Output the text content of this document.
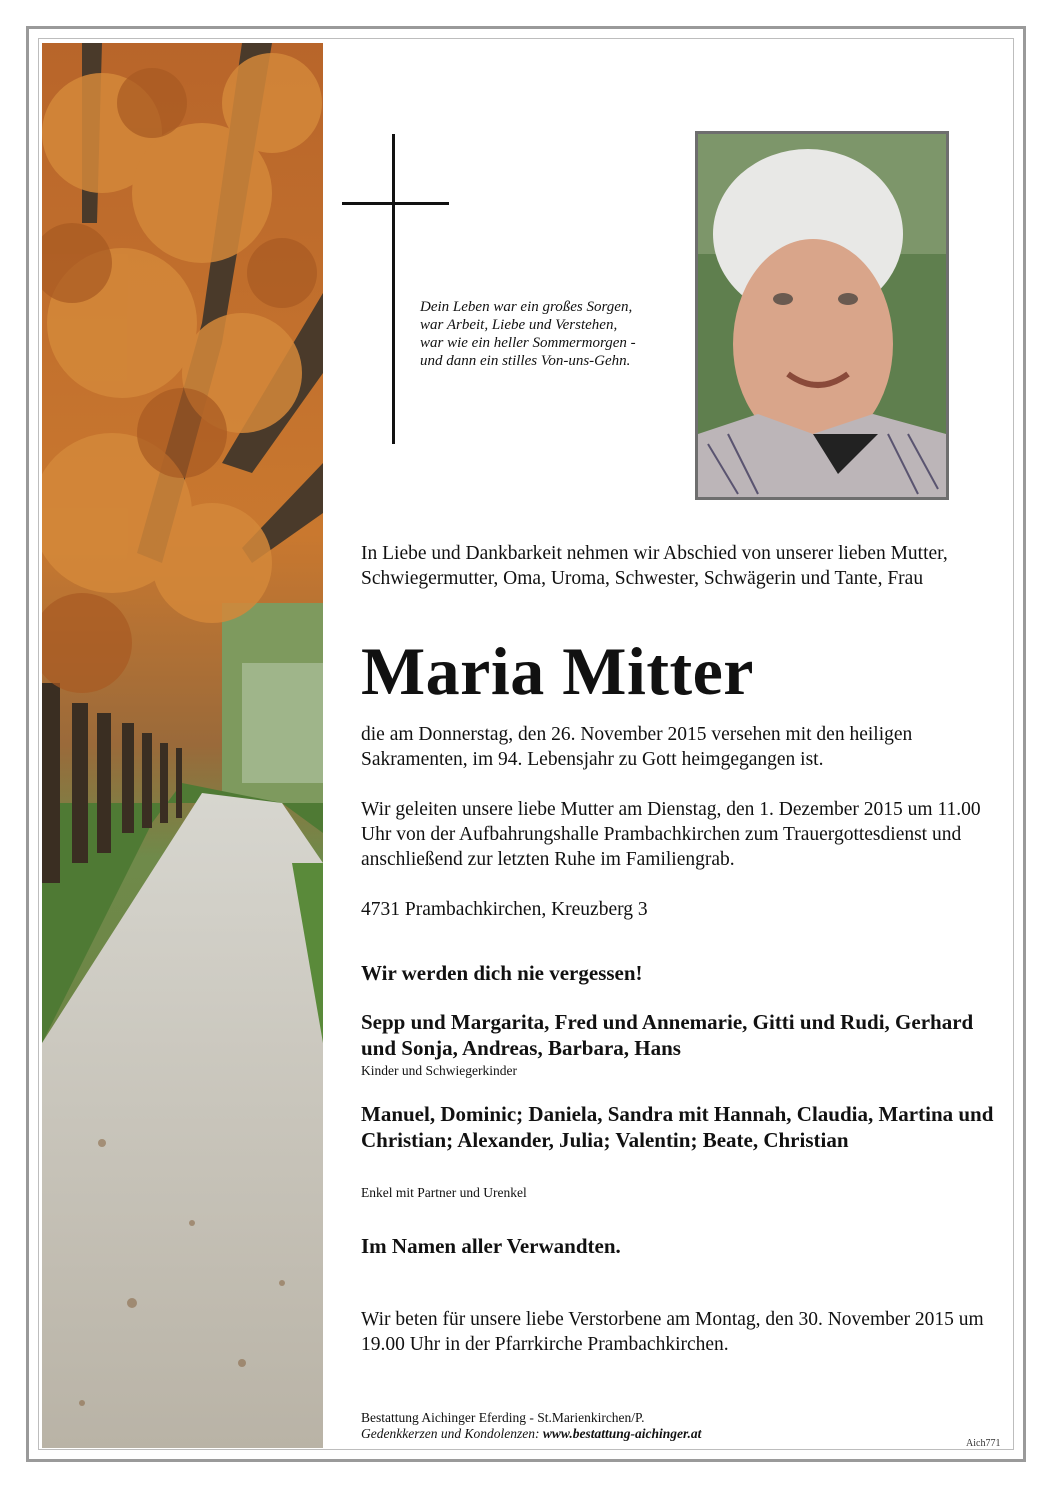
Dein Leben war ein großes Sorgen,
war Arbeit, Liebe und Verstehen,
war wie ein heller Sommermorgen -
und dann ein stilles Von-uns-Gehn.
In Liebe und Dankbarkeit nehmen wir Abschied von unserer lieben Mutter, Schwiegermutter, Oma, Uroma, Schwester, Schwägerin und Tante, Frau
Maria Mitter
die am Donnerstag, den 26. November 2015 versehen mit den heiligen Sakramenten, im 94. Lebensjahr zu Gott heimgegangen ist.
Wir geleiten unsere liebe Mutter am Dienstag, den 1. Dezember 2015 um 11.00 Uhr von der Aufbahrungshalle Prambachkirchen zum Trauergottesdienst und anschließend zur letzten Ruhe im Familiengrab.
4731 Prambachkirchen, Kreuzberg 3
Wir werden dich nie vergessen!
Sepp und Margarita, Fred und Annemarie, Gitti und Rudi, Gerhard und Sonja, Andreas, Barbara, Hans
Kinder und Schwiegerkinder
Manuel, Dominic; Daniela, Sandra mit Hannah, Claudia, Martina und Christian; Alexander, Julia; Valentin; Beate, Christian
Enkel mit Partner und Urenkel
Im Namen aller Verwandten.
Wir beten für unsere liebe Verstorbene am Montag, den 30. November 2015 um 19.00 Uhr in der Pfarrkirche Prambachkirchen.
Bestattung Aichinger Eferding - St.Marienkirchen/P.
Gedenkkerzen und Kondolenzen: www.bestattung-aichinger.at
Aich771
